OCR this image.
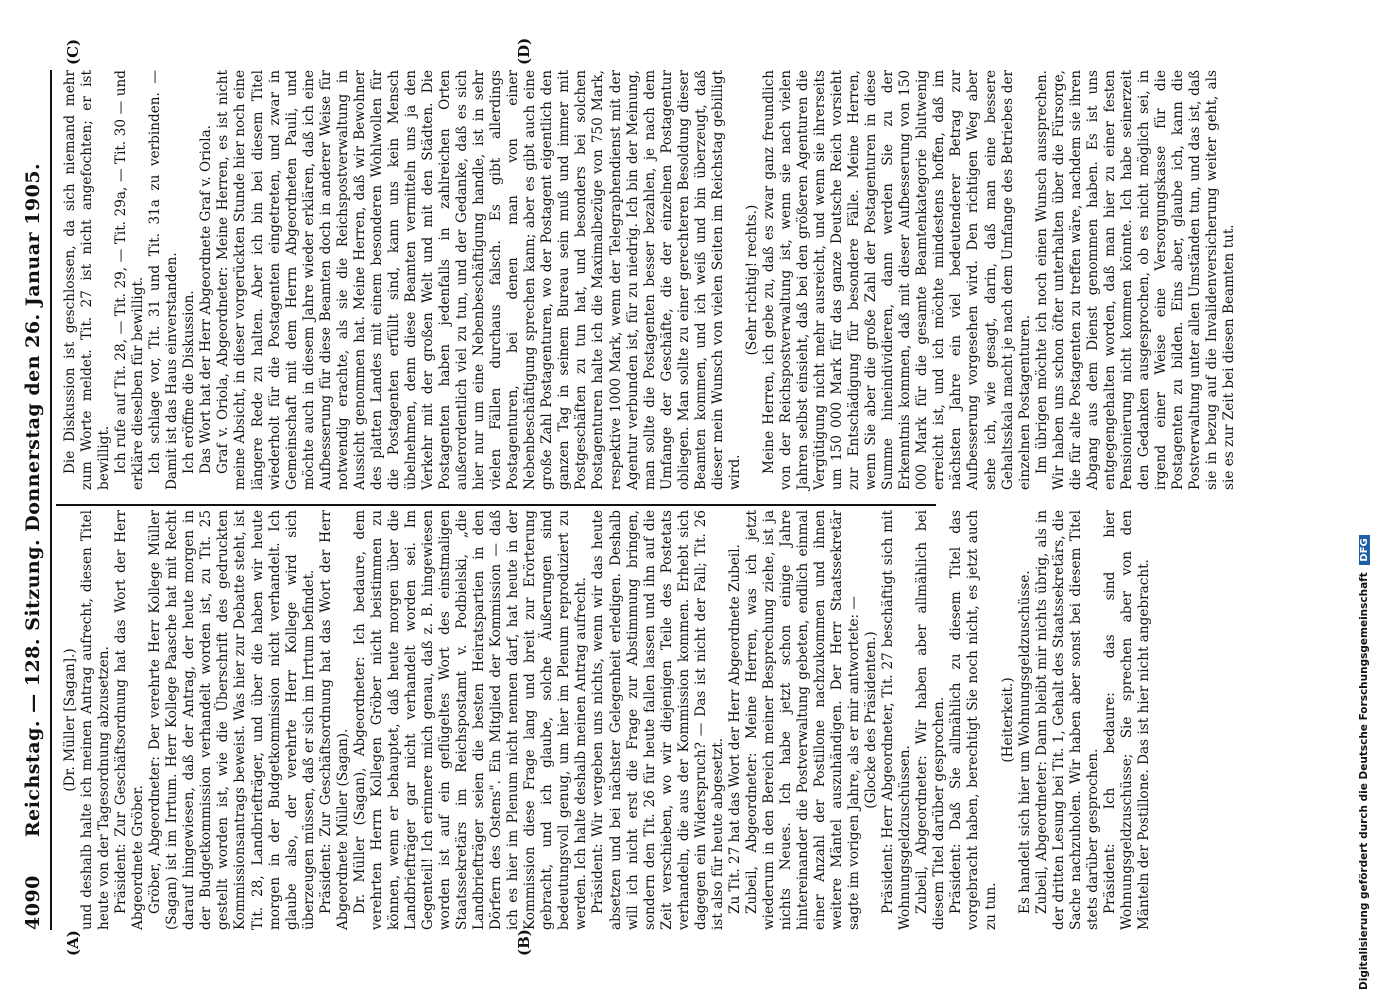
4090
Reichstag. — 128. Sitzung. Donnerstag den 26. Januar 1905.
(A)	(B)
(C)	(D)

(Dr. Müller [Sagan].) und deshalb halte ich meinen Antrag aufrecht, diesen Titel heute von der Tagesordnung abzusetzen. Präsident: Zur Geschäftsordnung hat das Wort der Herr Abgeordnete Gröber. Gröber, Abgeordneter: Der verehrte Herr Kollege Müller (Sagan) ist im Irrtum. Herr Kollege Paasche hat mit Recht darauf hingewiesen, daß der Antrag, der heute morgen in der Budgetkommission verhandelt worden ist, zu Tit. 25 gestellt worden ist, wie die Überschrift des gedruckten Kommissionsantrags beweist. Was hier zur Debatte steht, ist Tit. 28, Landbriefträger, und über die haben wir heute morgen in der Budgetkommission nicht verhandelt. Ich glaube also, der verehrte Herr Kollege wird sich überzeugen müssen, daß er sich im Irrtum befindet. Präsident: Zur Geschäftsordnung hat das Wort der Herr Abgeordnete Müller (Sagan). Dr. Müller (Sagan), Abgeordneter: Ich bedaure, dem verehrten Herrn Kollegen Gröber nicht beistimmen zu können, wenn er behauptet, daß heute morgen über die Landbriefträger gar nicht verhandelt worden sei. Im Gegenteil! Ich erinnere mich genau, daß z. B. hingewiesen worden ist auf ein geflügeltes Wort des einstmaligen Staatssekretärs im Reichspostamt v. Podbielski, „die Landbriefträger seien die besten Heiratspartien in den Dörfern des Ostens". Ein Mitglied der Kommission — daß ich es hier im Plenum nicht nennen darf, hat heute in der Kommission diese Frage lang und breit zur Erörterung gebracht, und ich glaube, solche Äußerungen sind bedeutungsvoll genug, um hier im Plenum reproduziert zu werden. Ich halte deshalb meinen Antrag aufrecht. Präsident: Wir vergeben uns nichts, wenn wir das heute absetzen und bei nächster Gelegenheit erledigen. Deshalb will ich nicht erst die Frage zur Abstimmung bringen, sondern den Tit. 26 für heute fallen lassen und ihn auf die Zeit verschieben, wo wir diejenigen Teile des Postetats verhandeln, die aus der Kommission kommen. Erhebt sich dagegen ein Widerspruch? — Das ist nicht der Fall; Tit. 26 ist also für heute abgesetzt. Zu Tit. 27 hat das Wort der Herr Abgeordnete Zubeil. Zubeil, Abgeordneter: Meine Herren, was ich jetzt wiederum in den Bereich meiner Besprechung ziehe, ist ja nichts Neues. Ich habe jetzt schon einige Jahre hintereinander die Postverwaltung gebeten, endlich einmal einer Anzahl der Postillone nachzukommen und ihnen weitere Mäntel auszuhändigen. Der Herr Staatssekretär sagte im vorigen Jahre, als er mir antwortete: — (Glocke des Präsidenten.) Präsident: Herr Abgeordneter, Tit. 27 beschäftigt sich mit Wohnungsgeldzuschüssen. Zubeil, Abgeordneter: Wir haben aber allmählich bei diesem Titel darüber gesprochen. Präsident: Daß Sie allmählich zu diesem Titel das vorgebracht haben, berechtigt Sie noch nicht, es jetzt auch zu tun.

(Heiterkeit.) Es handelt sich hier um Wohnungsgeldzuschüsse. Zubeil, Abgeordneter: Dann bleibt mir nichts übrig, als in der dritten Lesung bei Tit. 1, Gehalt des Staatssekretärs, die Sache nachzuholen. Wir haben aber sonst bei diesem Titel stets darüber gesprochen. Präsident: Ich bedaure: das sind hier Wohnungsgeldzuschüsse; Sie sprechen aber von den Mänteln der Postillone. Das ist hier nicht angebracht.

Die Diskussion ist geschlossen, da sich niemand mehr zum Worte meldet. Tit. 27 ist nicht angefochten; er ist bewilligt. Ich rufe auf Tit. 28, — Tit. 29, — Tit. 29a, — Tit. 30 — und erkläre dieselben für bewilligt. Ich schlage vor, Tit. 31 und Tit. 31a zu verbinden. — Damit ist das Haus einverstanden. Ich eröffne die Diskussion. Das Wort hat der Herr Abgeordnete Graf v. Oriola. Graf v. Oriola, Abgeordneter: Meine Herren, es ist nicht meine Absicht, in dieser vorgerückten Stunde hier noch eine längere Rede zu halten. Aber ich bin bei diesem Titel wiederholt für die Postagenten eingetreten, und zwar in Gemeinschaft mit dem Herrn Abgeordneten Pauli, und möchte auch in diesem Jahre wieder erklären, daß ich eine Aufbesserung für diese Beamten doch in anderer Weise für notwendig erachte, als sie die Reichspostverwaltung in Aussicht genommen hat. Meine Herren, daß wir Bewohner des platten Landes mit einem besonderen Wohlwollen für die Postagenten erfüllt sind, kann uns kein Mensch übelnehmen, denn diese Beamten vermitteln uns ja den Verkehr mit der großen Welt und mit den Städten. Die Postagenten haben jedenfalls in zahlreichen Orten außerordentlich viel zu tun, und der Gedanke, daß es sich hier nur um eine Nebenbeschäftigung handle, ist in sehr vielen Fällen durchaus falsch. Es gibt allerdings Postagenturen, bei denen man von einer Nebenbeschäftigung sprechen kann; aber es gibt auch eine große Zahl Postagenturen, wo der Postagent eigentlich den ganzen Tag in seinem Bureau sein muß und immer mit Postgeschäften zu tun hat, und besonders bei solchen Postagenturen halte ich die Maximalbezüge von 750 Mark, respektive 1000 Mark, wenn der Telegraphendienst mit der Agentur verbunden ist, für zu niedrig. Ich bin der Meinung, man sollte die Postagenten besser bezahlen, je nach dem Umfange der Geschäfte, die der einzelnen Postagentur obliegen. Man sollte zu einer gerechteren Besoldung dieser Beamten kommen, und ich weiß und bin überzeugt, daß dieser mein Wunsch von vielen Seiten im Reichstag gebilligt wird.

(Sehr richtig! rechts.) Meine Herren, ich gebe zu, daß es zwar ganz freundlich von der Reichspostverwaltung ist, wenn sie nach vielen Jahren selbst einsieht, daß bei den größeren Agenturen die Vergütigung nicht mehr ausreicht, und wenn sie ihrerseits um 150 000 Mark für das ganze Deutsche Reich vorsieht zur Entschädigung für besondere Fälle. Meine Herren, wenn Sie aber die große Zahl der Postagenturen in diese Summe hineindividieren, dann werden Sie zu der Erkenntnis kommen, daß mit dieser Aufbesserung von 150 000 Mark für die gesamte Beamtenkategorie blutwenig erreicht ist, und ich möchte mindestens hoffen, daß im nächsten Jahre ein viel bedeutenderer Betrag zur Aufbesserung vorgesehen wird. Den richtigen Weg aber sehe ich, wie gesagt, darin, daß man eine bessere Gehaltsskala macht je nach dem Umfange des Betriebes der einzelnen Postagenturen. Im übrigen möchte ich noch einen Wunsch aussprechen. Wir haben uns schon öfter unterhalten über die Fürsorge, die für alte Postagenten zu treffen wäre, nachdem sie ihren Abgang aus dem Dienst genommen haben. Es ist uns entgegengehalten worden, daß man hier zu einer festen Pensionierung nicht kommen könnte. Ich habe seinerzeit den Gedanken ausgesprochen, ob es nicht möglich sei, in irgend einer Weise eine Versorgungskasse für die Postagenten zu bilden. Eins aber, glaube ich, kann die Postverwaltung unter allen Umständen tun, und das ist, daß sie in bezug auf die Invalidenversicherung weiter geht, als sie es zur Zeit bei diesen Beamten tut.

Digitalisierung gefördert durch die Deutsche Forschungsgemeinschaft DFG
